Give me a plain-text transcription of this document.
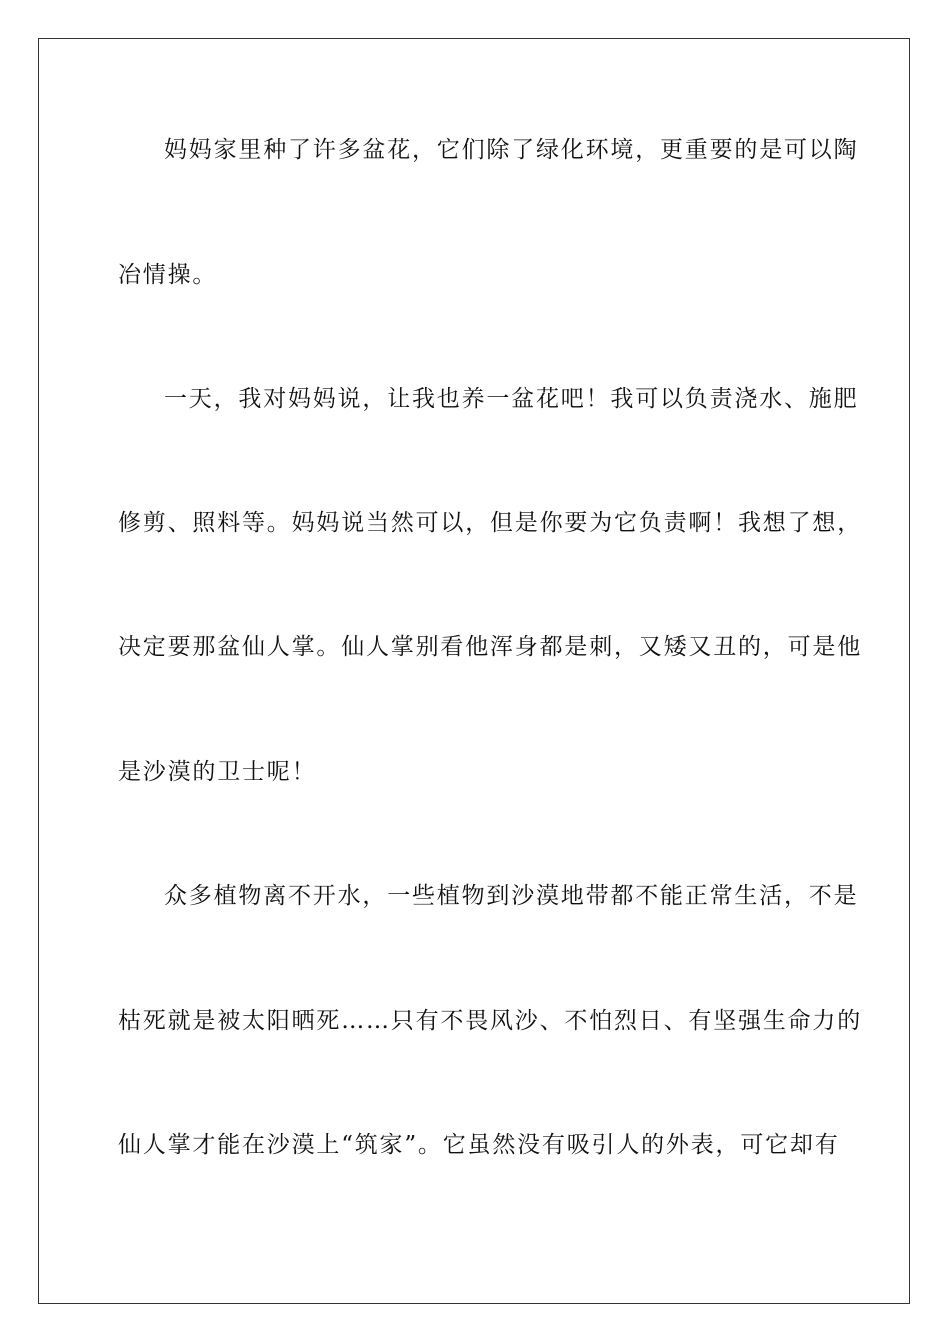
妈妈家里种了许多盆花，它们除了绿化环境，更重要的是可以陶

冶情操。

一天，我对妈妈说，让我也养一盆花吧！我可以负责浇水、施肥

修剪、照料等。妈妈说当然可以，但是你要为它负责啊！我想了想，

决定要那盆仙人掌。仙人掌别看他浑身都是刺，又矮又丑的，可是他

是沙漠的卫士呢！

众多植物离不开水，一些植物到沙漠地带都不能正常生活，不是

枯死就是被太阳晒死……只有不畏风沙、不怕烈日、有坚强生命力的

仙人掌才能在沙漠上“筑家”。它虽然没有吸引人的外表，可它却有
